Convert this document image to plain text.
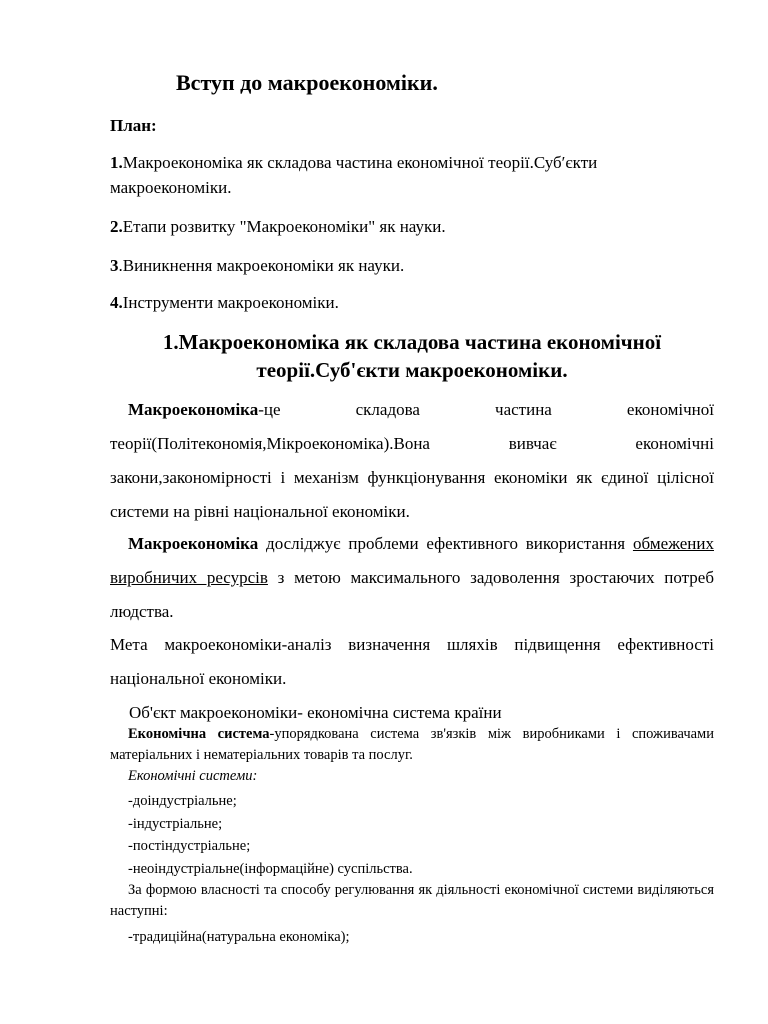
Вступ до макроекономіки.
План:
1.Макроекономіка як складова частина економічної теорії.Суб′єкти макроекономіки.
2.Етапи розвитку "Макроекономіки" як науки.
3.Виникнення макроекономіки як науки.
4.Інструменти макроекономіки.
1.Макроекономіка як складова частина економічної теорії.Суб'єкти макроекономіки.
Макроекономіка-це складова частина економічної теорії(Політекономія,Мікроекономіка).Вона вивчає економічні закони,закономірності і механізм функціонування економіки як єдиної цілісної системи на рівні національної економіки.
Макроекономіка досліджує проблеми ефективного використання обмежених виробничих ресурсів з метою максимального задоволення зростаючих потреб людства.
Мета макроекономіки-аналіз визначення шляхів підвищення ефективності національної економіки.
Об'єкт макроекономіки- економічна система країни
Економічна система-упорядкована система зв'язків між виробниками і споживачами матеріальних і нематеріальних товарів та послуг.
Економічні системи:
-доіндустріальне;
-індустріальне;
-постіндустріальне;
-неоіндустріальне(інформаційне) суспільства.
За формою власності та способу регулювання як діяльності економічної системи виділяються наступні:
-традиційна(натуральна економіка);
